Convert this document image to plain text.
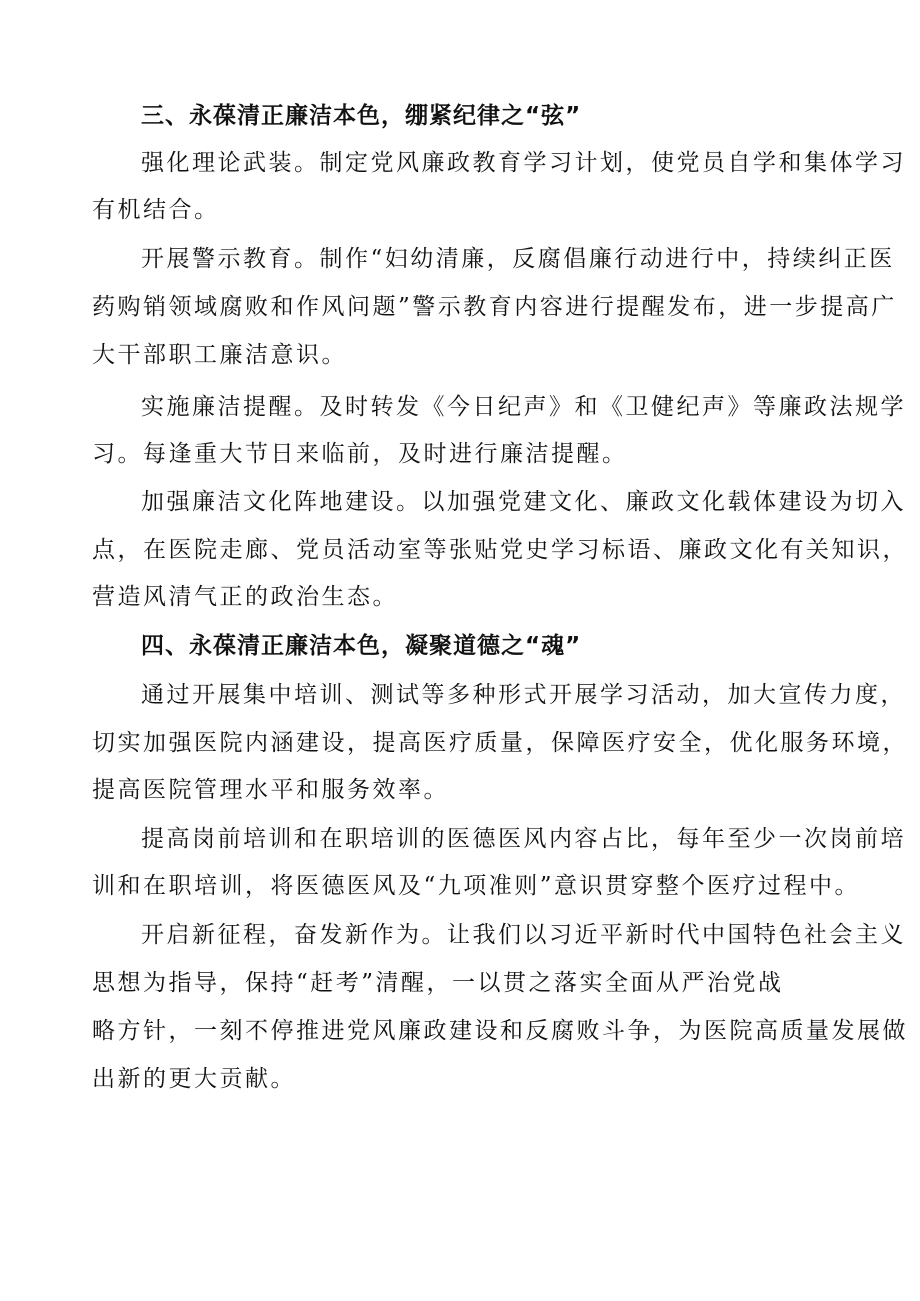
三、永葆清正廉洁本色，绷紧纪律之“弦”
强化理论武装。制定党风廉政教育学习计划，使党员自学和集体学习
有机结合。
开展警示教育。制作“妇幼清廉，反腐倡廉行动进行中，持续纠正医
药购销领域腐败和作风问题”警示教育内容进行提醒发布，进一步提高广
大干部职工廉洁意识。
实施廉洁提醒。及时转发《今日纪声》和《卫健纪声》等廉政法规学
习。每逢重大节日来临前，及时进行廉洁提醒。
加强廉洁文化阵地建设。以加强党建文化、廉政文化载体建设为切入
点，在医院走廊、党员活动室等张贴党史学习标语、廉政文化有关知识，
营造风清气正的政治生态。
四、永葆清正廉洁本色，凝聚道德之“魂”
通过开展集中培训、测试等多种形式开展学习活动，加大宣传力度，
切实加强医院内涵建设，提高医疗质量，保障医疗安全，优化服务环境，
提高医院管理水平和服务效率。
提高岗前培训和在职培训的医德医风内容占比，每年至少一次岗前培
训和在职培训，将医德医风及“九项准则”意识贯穿整个医疗过程中。
开启新征程，奋发新作为。让我们以习近平新时代中国特色社会主义
思想为指导，保持“赶考”清醒，一以贯之落实全面从严治党战
略方针，一刻不停推进党风廉政建设和反腐败斗争，为医院高质量发展做
出新的更大贡献。
